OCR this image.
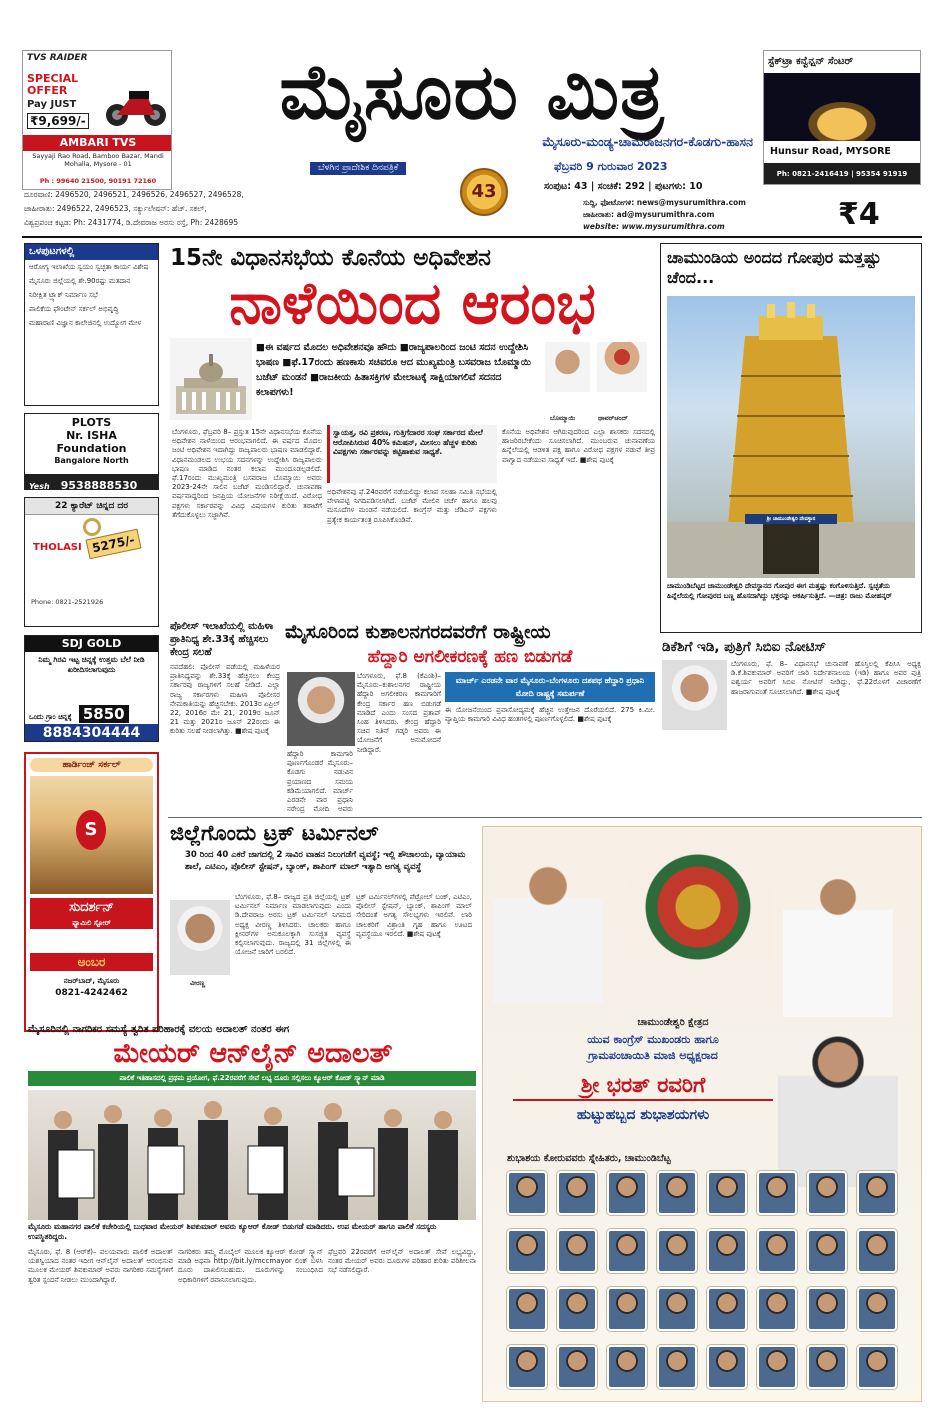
TVS RAIDER
SPECIAL OFFER
Pay JUST
₹9,699/-
AMBARI TVS
Sayyaji Rao Road, Bamboo Bazar, Mandi Mohalla, Mysore - 01
Ph : 99640 21500, 90191 72160
ಮೈಸೂರು ಮಿತ್ರ
ಮೈಸೂರು-ಮಂಡ್ಯ-ಚಾಮರಾಜನಗರ-ಕೊಡಗು-ಹಾಸನ
ಬೆಳಗಿನ ಪ್ರಾದೇಶಿಕ ದಿನಪತ್ರಿಕೆ	ಫೆಬ್ರವರಿ 9 ಗುರುವಾರ 2023
43	ಸಂಪುಟ: 43 | ಸಂಚಿಕೆ: 292 | ಪುಟಗಳು: 10
ಸುದ್ದಿ, ಫೋಟೋಗಳಿ: news@mysurumithra.com
ಜಾಹೀರಾತು: ad@mysurumithra.com
website: www.mysurumithra.com	₹4
ದೂರವಾಣಿ: 2496520, 2496521, 2496526, 2496527, 2496528,
ಜಾಹೀರಾತು: 2496522, 2496523, ಸರ್ಕ್ಯುಲೇಷನ್: ಹೆಚ್. ಸಕಲ್,
ವಿಶ್ವಪ್ರಪಂಚ ಕಟ್ಟಡ: Ph: 2431774, ಡಿ.ದೇವರಾಜ ಅರಸು ರಸ್ತೆ, Ph: 2428695
ಸ್ಟೆಕ್‌ಟ್ರಾ ಕನ್ವೆನ್ಷನ್ ಸೆಂಟರ್
Hunsur Road, MYSORE
Ph: 0821-2416419 | 95354 91919
ಒಳಪುಟಗಳಲ್ಲಿ
ಆರೋಗ್ಯ ಇಲಾಖೆಯ ಸ್ವಯಂ ಸ್ವಚ್ಛತಾ ಕಾರ್ಯ ವಿಶೇಷ
ಮೈಸೂರು ಜಿಲ್ಲೆಯಲ್ಲಿ ಶೇ.90ರಷ್ಟು ಮತದಾನ
ನಿರೀಕ್ಷಿತ ಟ್ರ್ಯಾಕ್ ನಿರ್ಮಾಣ ಸಭೆ
ಪಾಲಿಕೆಯ ಫೌಂಟೇನ್ ಸರ್ಕಲ್ ಅಭಿವೃದ್ಧಿ
ಮಹಾರಾಣಿ ವಿಜ್ಞಾನ ಕಾಲೇಜಿನಲ್ಲಿ ಉದ್ಯೋಗ ಮೇಳ
PLOTS
Nr. ISHA
Foundation
Bangalore North
Yesh 9538888530
22 ಕ್ಯಾರೆಟ್ ಚಿನ್ನದ ದರ
THOLASI 5275/-
Phone: 0821-2521926
SDJ GOLD
ನಿಮ್ಮ ಗಿರವಿ ಇಟ್ಟ ಚಿನ್ನಕ್ಕೆ ಉತ್ತಮ ಬೆಲೆ ನೀಡಿ ಖರೀದಿಸಲಾಗುವುದು
ಒಂದು ಗ್ರಾಂ ಚಿನ್ನಕ್ಕೆ 5850
8884304444
ಹಾರ್ಡಿಂಜ್ ಸರ್ಕಲ್
S
ಸುದರ್ಶನ್
ಫ್ಯಾಮಿಲಿ ಸ್ಟೋರ್
ಅಂಬರ
ನಜರ್‌ಬಾದ್, ಮೈಸೂರು
0821-4242462
15ನೇ ವಿಧಾನಸಭೆಯ ಕೊನೆಯ ಅಧಿವೇಶನ
ನಾಳೆಯಿಂದ ಆರಂಭ
■ಈ ವರ್ಷದ ಮೊದಲ ಅಧಿವೇಶನವೂ ಹೌದು ■ರಾಜ್ಯಪಾಲರಿಂದ ಜಂಟಿ ಸದನ ಉದ್ದೇಶಿಸಿ ಭಾಷಣ ■ಫೆ.17ರಂದು ಹಣಕಾಸು ಸಚಿವರೂ ಆದ ಮುಖ್ಯಮಂತ್ರಿ ಬಸವರಾಜ ಬೊಮ್ಮಾಯಿ ಬಜೆಟ್ ಮಂಡನೆ ■ರಾಜಕೀಯ ಹಿತಾಸಕ್ತಿಗಳ ಮೇಲಾಟಕ್ಕೆ ಸಾಕ್ಷಿಯಾಗಲಿವೆ ಸದನದ ಕಲಾಪಗಳು!
ಬೊಮ್ಮಾಯಿ	ಥಾವರ್‌ಚಂದ್
ಬೆಂಗಳೂರು, ಫೆಬ್ರವರಿ 8– ಪ್ರಸ್ತುತ 15ನೇ ವಿಧಾನಸಭೆಯ ಕೊನೆಯ ಅಧಿವೇಶನ ನಾಳೆಯಿಂದ ಆರಂಭವಾಗಲಿದೆ. ಈ ವರ್ಷದ ಮೊದಲ ಜಂಟಿ ಅಧಿವೇಶನ ಇದಾಗಿದ್ದು ರಾಜ್ಯಪಾಲರು ಭಾಷಣ ಮಾಡಲಿದ್ದಾರೆ. ವಿಧಾನಮಂಡಲದ ಉಭಯ ಸದನಗಳನ್ನು ಉದ್ದೇಶಿಸಿ ರಾಜ್ಯಪಾಲರು ಭಾಷಣ ಮಾಡಿದ ನಂತರ ಕಲಾಪ ಮುಂದೂಡಲ್ಪಡಲಿದೆ. ಫೆ.17ರಂದು ಮುಖ್ಯಮಂತ್ರಿ ಬಸವರಾಜ ಬೊಮ್ಮಾಯಿ ಅವರು 2023-24ನೇ ಸಾಲಿನ ಬಜೆಟ್ ಮಂಡಿಸಲಿದ್ದಾರೆ. ಚುನಾವಣಾ ವರ್ಷವಾದ್ದರಿಂದ ಜನಪ್ರಿಯ ಯೋಜನೆಗಳ ನಿರೀಕ್ಷೆಯಿದೆ. ವಿರೋಧ ಪಕ್ಷಗಳು ಸರ್ಕಾರವನ್ನು ವಿವಿಧ ವಿಷಯಗಳ ಕುರಿತು ತರಾಟೆಗೆ ತೆಗೆದುಕೊಳ್ಳಲು ಸಜ್ಜಾಗಿವೆ.
ಸ್ವಾಯತ್ತ, ರವಿ ಪ್ರಕರಣ, ಗುತ್ತಿಗೆದಾರರ ಸಂಘ ಸರ್ಕಾರದ ಮೇಲೆ ಆರೋಪಿಸಿರುವ 40% ಕಮಿಷನ್, ಮೀಸಲು ಹೆಚ್ಚಳ ಕುರಿತು ವಿಪಕ್ಷಗಳು ಸರ್ಕಾರವನ್ನು ಕಟ್ಟಿಹಾಕುವ ಸಾಧ್ಯತೆ.
ಅಧಿವೇಶನವು ಫೆ.24ರವರೆಗೆ ನಡೆಯಲಿದ್ದು ಕಲಾಪ ಸಲಹಾ ಸಮಿತಿ ಸಭೆಯಲ್ಲಿ ವೇಳಾಪಟ್ಟಿ ನಿಗದಿಪಡಿಸಲಾಗಿದೆ. ಬಜೆಟ್ ಮೇಲಿನ ಚರ್ಚೆ ಹಾಗೂ ಹಲವು ಮಸೂದೆಗಳ ಮಂಡನೆ ನಡೆಯಲಿದೆ. ಕಾಂಗ್ರೆಸ್ ಮತ್ತು ಜೆಡಿಎಸ್ ಪಕ್ಷಗಳು ಪ್ರತ್ಯೇಕ ಕಾರ್ಯತಂತ್ರ ರೂಪಿಸಿಕೊಂಡಿವೆ.
ಕೊನೆಯ ಅಧಿವೇಶನ ಆಗಿರುವುದರಿಂದ ಎಲ್ಲಾ ಶಾಸಕರು ಸದನದಲ್ಲಿ ಹಾಜರಿರಬೇಕೆಂದು ಸೂಚಿಸಲಾಗಿದೆ. ಮುಂಬರುವ ಚುನಾವಣೆಯ ಹಿನ್ನೆಲೆಯಲ್ಲಿ ಆಡಳಿತ ಪಕ್ಷ ಹಾಗೂ ವಿರೋಧ ಪಕ್ಷಗಳ ನಡುವೆ ತೀವ್ರ ವಾಗ್ವಾದ ನಡೆಯುವ ಸಾಧ್ಯತೆ ಇದೆ. ■ಶೇಷ ಪುಟಕ್ಕೆ
ಚಾಮುಂಡಿಯ ಅಂದದ ಗೋಪುರ ಮತ್ತಷ್ಟು ಚೆಂದ...
ಶ್ರೀ ಚಾಮುಂಡೇಶ್ವರಿ ದೇವಸ್ಥಾನ
ಚಾಮುಂಡಿಬೆಟ್ಟದ ಚಾಮುಂಡೇಶ್ವರಿ ದೇವಸ್ಥಾನದ ಗೋಪುರ ಈಗ ಮತ್ತಷ್ಟು ಕಂಗೊಳಿಸುತ್ತಿದೆ. ಸ್ವಚ್ಛತೆಯ ಹಿನ್ನೆಲೆಯಲ್ಲಿ ಗೋಪುರದ ಬಣ್ಣ ಹೊಸದಾಗಿದ್ದು ಭಕ್ತರನ್ನು ಆಕರ್ಷಿಸುತ್ತಿದೆ. —ಚಿತ್ರ: ರಾಜು ಮೋಹನ್ಕರ್
ಪೊಲೀಸ್ ಇಲಾಖೆಯಲ್ಲಿ ಮಹಿಳಾ ಪ್ರಾತಿನಿಧ್ಯ ಶೇ.33ಕ್ಕೆ ಹೆಚ್ಚಿಸಲು ಕೇಂದ್ರ ಸಲಹೆ
ನವದೆಹಲಿ: ಪೊಲೀಸ್ ಪಡೆಯಲ್ಲಿ ಮಹಿಳೆಯರ ಪ್ರಾತಿನಿಧ್ಯವನ್ನು ಶೇ.33ಕ್ಕೆ ಹೆಚ್ಚಿಸಲು ಕೇಂದ್ರ ಸರ್ಕಾರವು ರಾಜ್ಯಗಳಿಗೆ ಸಲಹೆ ನೀಡಿದೆ. ಎಲ್ಲಾ ರಾಜ್ಯ ಸರ್ಕಾರಗಳು ಮಹಿಳಾ ಪೊಲೀಸರ ನೇಮಕಾತಿಯನ್ನು ಹೆಚ್ಚಿಸಬೇಕು. 2013ರ ಏಪ್ರಿಲ್ 22, 2016ರ ಮೇ 21, 2019ರ ಜೂನ್ 21 ಮತ್ತು 2021ರ ಜೂನ್ 22ರಂದು ಈ ಕುರಿತು ಸಲಹೆ ನೀಡಲಾಗಿತ್ತು. ■ಶೇಷ ಪುಟಕ್ಕೆ
ಮೈಸೂರಿಂದ ಕುಶಾಲನಗರದವರೆಗೆ ರಾಷ್ಟ್ರೀಯ
ಹೆದ್ದಾರಿ ಅಗಲೀಕರಣಕ್ಕೆ ಹಣ ಬಿಡುಗಡೆ
ಮಾರ್ಚ್ ಎರಡನೇ ವಾರ ಮೈಸೂರು–ಬೆಂಗಳೂರು ದಶಪಥ ಹೆದ್ದಾರಿ ಪ್ರಧಾನಿ ಮೋದಿ ರಾಷ್ಟ್ರಕ್ಕೆ ಸಮರ್ಪಣೆ
ಬೆಂಗಳೂರು, ಫೆ.8 (ಕೆಎಂಶಿ)– ಮೈಸೂರು–ಕುಶಾಲನಗರ ರಾಷ್ಟ್ರೀಯ ಹೆದ್ದಾರಿ ಅಗಲೀಕರಣ ಕಾಮಗಾರಿಗೆ ಕೇಂದ್ರ ಸರ್ಕಾರ ಹಣ ಬಿಡುಗಡೆ ಮಾಡಿದೆ ಎಂದು ಸಂಸದ ಪ್ರತಾಪ್ ಸಿಂಹ ತಿಳಿಸಿದರು. ಕೇಂದ್ರ ಹೆದ್ದಾರಿ ಸಚಿವ ನಿತಿನ್ ಗಡ್ಕರಿ ಅವರು ಈ ಯೋಜನೆಗೆ ಅನುಮೋದನೆ ನೀಡಿದ್ದಾರೆ.
ಹೆದ್ದಾರಿ ಕಾಮಗಾರಿ ಪೂರ್ಣಗೊಂಡರೆ ಮೈಸೂರು–ಕೊಡಗು ನಡುವಿನ ಪ್ರಯಾಣದ ಸಮಯ ಕಡಿಮೆಯಾಗಲಿದೆ. ಮಾರ್ಚ್ ಎರಡನೇ ವಾರ ಪ್ರಧಾನಿ ನರೇಂದ್ರ ಮೋದಿ ಅವರು
ಈ ಯೋಜನೆಯಿಂದ ಪ್ರವಾಸೋದ್ಯಮಕ್ಕೆ ಹೆಚ್ಚಿನ ಉತ್ತೇಜನ ದೊರೆಯಲಿದೆ. 275 ಕಿ.ಮೀ. ವ್ಯಾಪ್ತಿಯ ಕಾಮಗಾರಿ ವಿವಿಧ ಹಂತಗಳಲ್ಲಿ ಪೂರ್ಣಗೊಳ್ಳಲಿದೆ. ■ಶೇಷ ಪುಟಕ್ಕೆ
ಡಿಕೆಶಿಗೆ ಇಡಿ, ಪುತ್ರಿಗೆ ಸಿಬಿಐ ನೋಟಿಸ್
ಬೆಂಗಳೂರು, ಫೆ. 8– ವಿಧಾನಸಭೆ ಚುನಾವಣೆ ಹೊಸ್ತಿಲಲ್ಲಿ ಕೆಪಿಸಿಸಿ ಅಧ್ಯಕ್ಷ ಡಿ.ಕೆ.ಶಿವಕುಮಾರ್ ಅವರಿಗೆ ಜಾರಿ ನಿರ್ದೇಶನಾಲಯ (ಇಡಿ) ಹಾಗೂ ಅವರ ಪುತ್ರಿ ಐಶ್ವರ್ಯ ಅವರಿಗೆ ಸಿಬಿಐ ನೋಟಿಸ್ ನೀಡಿದ್ದು, ಫೆ.22ರೊಳಗೆ ವಿಚಾರಣೆಗೆ ಹಾಜರಾಗುವಂತೆ ಸೂಚಿಸಲಾಗಿದೆ. ■ಶೇಷ ಪುಟಕ್ಕೆ
ಜಿಲ್ಲೆಗೊಂದು ಟ್ರಕ್ ಟರ್ಮಿನಲ್
30 ರಿಂದ 40 ಎಕರೆ ಜಾಗದಲ್ಲಿ 2 ಸಾವಿರ ವಾಹನ ನಿಲುಗಡೆಗೆ ವ್ಯವಸ್ಥೆ; ಇಲ್ಲಿ ಶೌಚಾಲಯ, ವ್ಯಾಯಾಮ ಶಾಲೆ, ಎಟಿಎಂ, ಪೊಲೀಸ್ ಸ್ಟೇಷನ್, ಬ್ಯಾಂಕ್, ಶಾಪಿಂಗ್ ಮಾಲ್ ಇತ್ಯಾದಿ ಅಗತ್ಯ ವ್ಯವಸ್ಥೆ
ವೀರಣ್ಣ
ಬೆಂಗಳೂರು, ಫೆ.8– ರಾಜ್ಯದ ಪ್ರತಿ ಜಿಲ್ಲೆಯಲ್ಲಿ ಟ್ರಕ್ ಟರ್ಮಿನಲ್ ನಿರ್ಮಾಣ ಮಾಡಲಾಗುವುದು ಎಂದು ಡಿ.ದೇವರಾಜ ಅರಸು ಟ್ರಕ್ ಟರ್ಮಿನಲ್ ನಿಗಮದ ಅಧ್ಯಕ್ಷ ವೀರಣ್ಣ ತಿಳಿಸಿದರು. ಚಾಲಕರು ಹಾಗೂ ಕ್ಲೀನರ್‌ಗಳ ಅನುಕೂಲಕ್ಕಾಗಿ ಸುಸಜ್ಜಿತ ವ್ಯವಸ್ಥೆ ಕಲ್ಪಿಸಲಾಗುವುದು. ರಾಜ್ಯದಲ್ಲಿ 31 ಜಿಲ್ಲೆಗಳಲ್ಲಿ ಈ ಯೋಜನೆ ಜಾರಿಗೆ ಬರಲಿದೆ.
ಟ್ರಕ್ ಟರ್ಮಿನಲ್‌ಗಳಲ್ಲಿ ಪೆಟ್ರೋಲ್ ಬಂಕ್, ಎಟಿಎಂ, ಪೊಲೀಸ್ ಸ್ಟೇಷನ್, ಬ್ಯಾಂಕ್, ಶಾಪಿಂಗ್ ಮಾಲ್ ಸೇರಿದಂತೆ ಅಗತ್ಯ ಸೌಲಭ್ಯಗಳು ಇರಲಿವೆ. ಲಾರಿ ಚಾಲಕರಿಗೆ ವಿಶ್ರಾಂತಿ ಗೃಹ ಹಾಗೂ ಊಟದ ವ್ಯವಸ್ಥೆಯೂ ಇರಲಿದೆ. ■ಶೇಷ ಪುಟಕ್ಕೆ
ಮೈಸೂರಿನಲ್ಲಿ ನಾಗರಿಕರ ಸಮಸ್ಯೆ ತ್ವರಿತ ಪರಿಹಾರಕ್ಕೆ ವಲಯ ಅದಾಲತ್ ನಂತರ ಈಗ
ಮೇಯರ್ ಆನ್‌ಲೈನ್ ಅದಾಲತ್
ಪಾಲಿಕೆ ಇತಿಹಾಸದಲ್ಲಿ ಪ್ರಥಮ ಪ್ರಯೋಗ, ಫೆ.22ರವರೆಗೆ ಸೇವೆ ಲಭ್ಯ ದೂರು ಸಲ್ಲಿಸಲು ಕ್ಯೂಆರ್ ಕೋಡ್ ಸ್ಕ್ಯಾನ್ ಮಾಡಿ
ಮೈಸೂರು ಮಹಾನಗರ ಪಾಲಿಕೆ ಕಚೇರಿಯಲ್ಲಿ ಬುಧವಾರ ಮೇಯರ್ ಶಿವಕುಮಾರ್ ಅವರು ಕ್ಯೂಆರ್ ಕೋಡ್ ಬಿಡುಗಡೆ ಮಾಡಿದರು. ಉಪ ಮೇಯರ್ ಹಾಗೂ ಪಾಲಿಕೆ ಸದಸ್ಯರು ಉಪಸ್ಥಿತರಿದ್ದರು.
ಮೈಸೂರು, ಫೆ. 8 (ಆರ್‌ಕೆ)– ವಲಯವಾರು ಪಾಲಿಕೆ ಅದಾಲತ್ ಯಶಸ್ವಿಯಾದ ನಂತರ ಇದೀಗ ಆನ್‌ಲೈನ್ ಅದಾಲತ್ ಆರಂಭಿಸುವ ಮೂಲಕ ಮೇಯರ್ ಶಿವಕುಮಾರ್ ಅವರು ನಾಗರಿಕರ ಸಮಸ್ಯೆಗಳಿಗೆ ತ್ವರಿತ ಸ್ಪಂದನೆ ನೀಡಲು ಮುಂದಾಗಿದ್ದಾರೆ.
ನಾಗರಿಕರು ತಮ್ಮ ಮೊಬೈಲ್ ಮೂಲಕ ಕ್ಯೂಆರ್ ಕೋಡ್ ಸ್ಕ್ಯಾನ್ ಮಾಡಿ ಅಥವಾ http://bit.ly/mccmayor ಲಿಂಕ್ ಬಳಸಿ ದೂರು ದಾಖಲಿಸಬಹುದು. ದೂರುಗಳನ್ನು ಸಂಬಂಧಿಸಿದ ಅಧಿಕಾರಿಗಳಿಗೆ ರವಾನಿಸಲಾಗುವುದು.
ಫೆಬ್ರವರಿ 22ರವರೆಗೆ ಆನ್‌ಲೈನ್ ಅದಾಲತ್ ಸೇವೆ ಲಭ್ಯವಿದ್ದು, ನಂತರ ಮೇಯರ್ ಅವರು ದೂರುಗಳ ಪರಿಹಾರ ಕುರಿತು ಪರಿಶೀಲನಾ ಸಭೆ ನಡೆಸಲಿದ್ದಾರೆ.
ಚಾಮುಂಡೇಶ್ವರಿ ಕ್ಷೇತ್ರದ
ಯುವ ಕಾಂಗ್ರೆಸ್ ಮುಖಂಡರು ಹಾಗೂ
ಗ್ರಾಮಪಂಚಾಯಿತಿ ಮಾಜಿ ಅಧ್ಯಕ್ಷರಾದ
ಶ್ರೀ ಭರತ್ ರವರಿಗೆ
ಹುಟ್ಟುಹಬ್ಬದ ಶುಭಾಶಯಗಳು
ಶುಭಾಶಯ ಕೋರುವವರು ಸ್ನೇಹಿತರು, ಚಾಮುಂಡಿಬೆಟ್ಟ
